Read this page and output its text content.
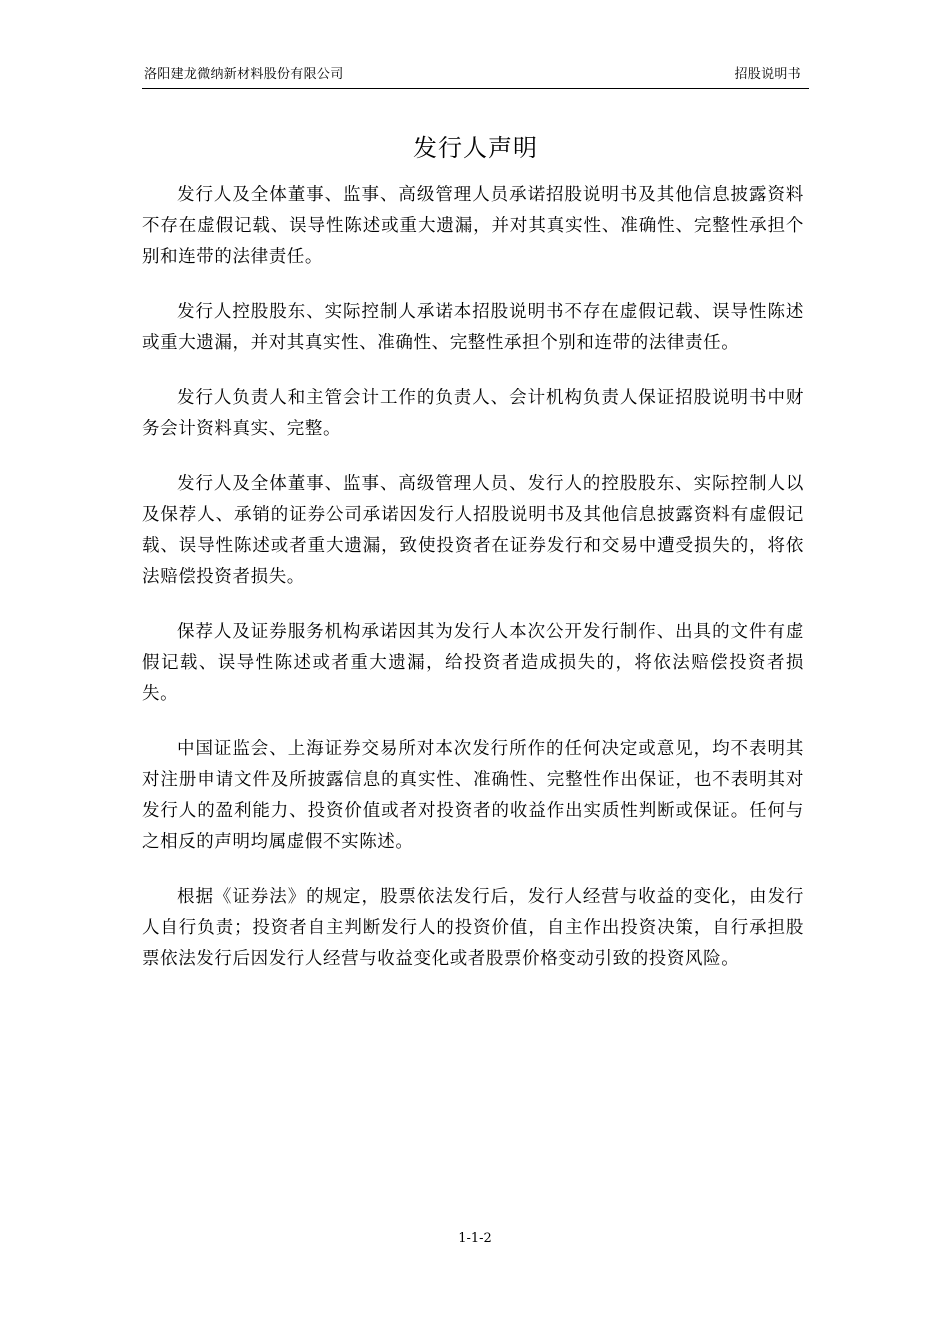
洛阳建龙微纳新材料股份有限公司	招股说明书
发行人声明

发行人及全体董事、监事、高级管理人员承诺招股说明书及其他信息披露资料不存在虚假记载、误导性陈述或重大遗漏，并对其真实性、准确性、完整性承担个别和连带的法律责任。

发行人控股股东、实际控制人承诺本招股说明书不存在虚假记载、误导性陈述或重大遗漏，并对其真实性、准确性、完整性承担个别和连带的法律责任。

发行人负责人和主管会计工作的负责人、会计机构负责人保证招股说明书中财务会计资料真实、完整。

发行人及全体董事、监事、高级管理人员、发行人的控股股东、实际控制人以及保荐人、承销的证券公司承诺因发行人招股说明书及其他信息披露资料有虚假记载、误导性陈述或者重大遗漏，致使投资者在证券发行和交易中遭受损失的，将依法赔偿投资者损失。

保荐人及证券服务机构承诺因其为发行人本次公开发行制作、出具的文件有虚假记载、误导性陈述或者重大遗漏，给投资者造成损失的，将依法赔偿投资者损失。

中国证监会、上海证券交易所对本次发行所作的任何决定或意见，均不表明其对注册申请文件及所披露信息的真实性、准确性、完整性作出保证，也不表明其对发行人的盈利能力、投资价值或者对投资者的收益作出实质性判断或保证。任何与之相反的声明均属虚假不实陈述。

根据《证券法》的规定，股票依法发行后，发行人经营与收益的变化，由发行人自行负责；投资者自主判断发行人的投资价值，自主作出投资决策，自行承担股票依法发行后因发行人经营与收益变化或者股票价格变动引致的投资风险。

1-1-2
